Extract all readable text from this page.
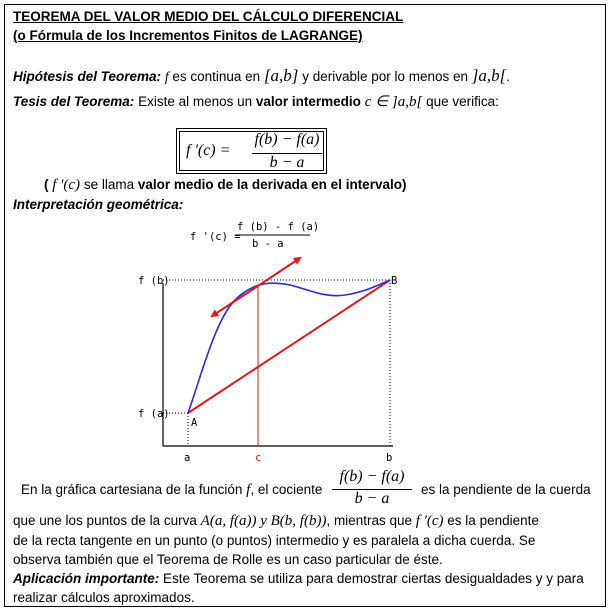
TEOREMA DEL VALOR MEDIO DEL CÁLCULO DIFERENCIAL
(o Fórmula de los Incrementos Finitos de LAGRANGE)
Hipótesis del Teorema: f es continua en [a,b] y derivable por lo menos en ]a,b[.
Tesis del Teorema: Existe al menos un valor intermedio c ∈ ]a,b[ que verifica:
f '(c) =
f(b) − f(a)
b − a
( f '(c) se llama valor medio de la derivada en el intervalo)
Interpretación geométrica:
f '(c) =
f (b) - f (a)
b - a
f (b)
f (a)
A
B
a	c	b
En la gráfica cartesiana de la función f, el cociente
f(b) − f(a)
b − a
es la pendiente de la cuerda
que une los puntos de la curva A(a, f(a)) y B(b, f(b)), mientras que f '(c) es la pendiente
de la recta tangente en un punto (o puntos) intermedio y es paralela a dicha cuerda. Se
observa también que el Teorema de Rolle es un caso particular de éste.
Aplicación importante: Este Teorema se utiliza para demostrar ciertas desigualdades y y para
realizar cálculos aproximados.
